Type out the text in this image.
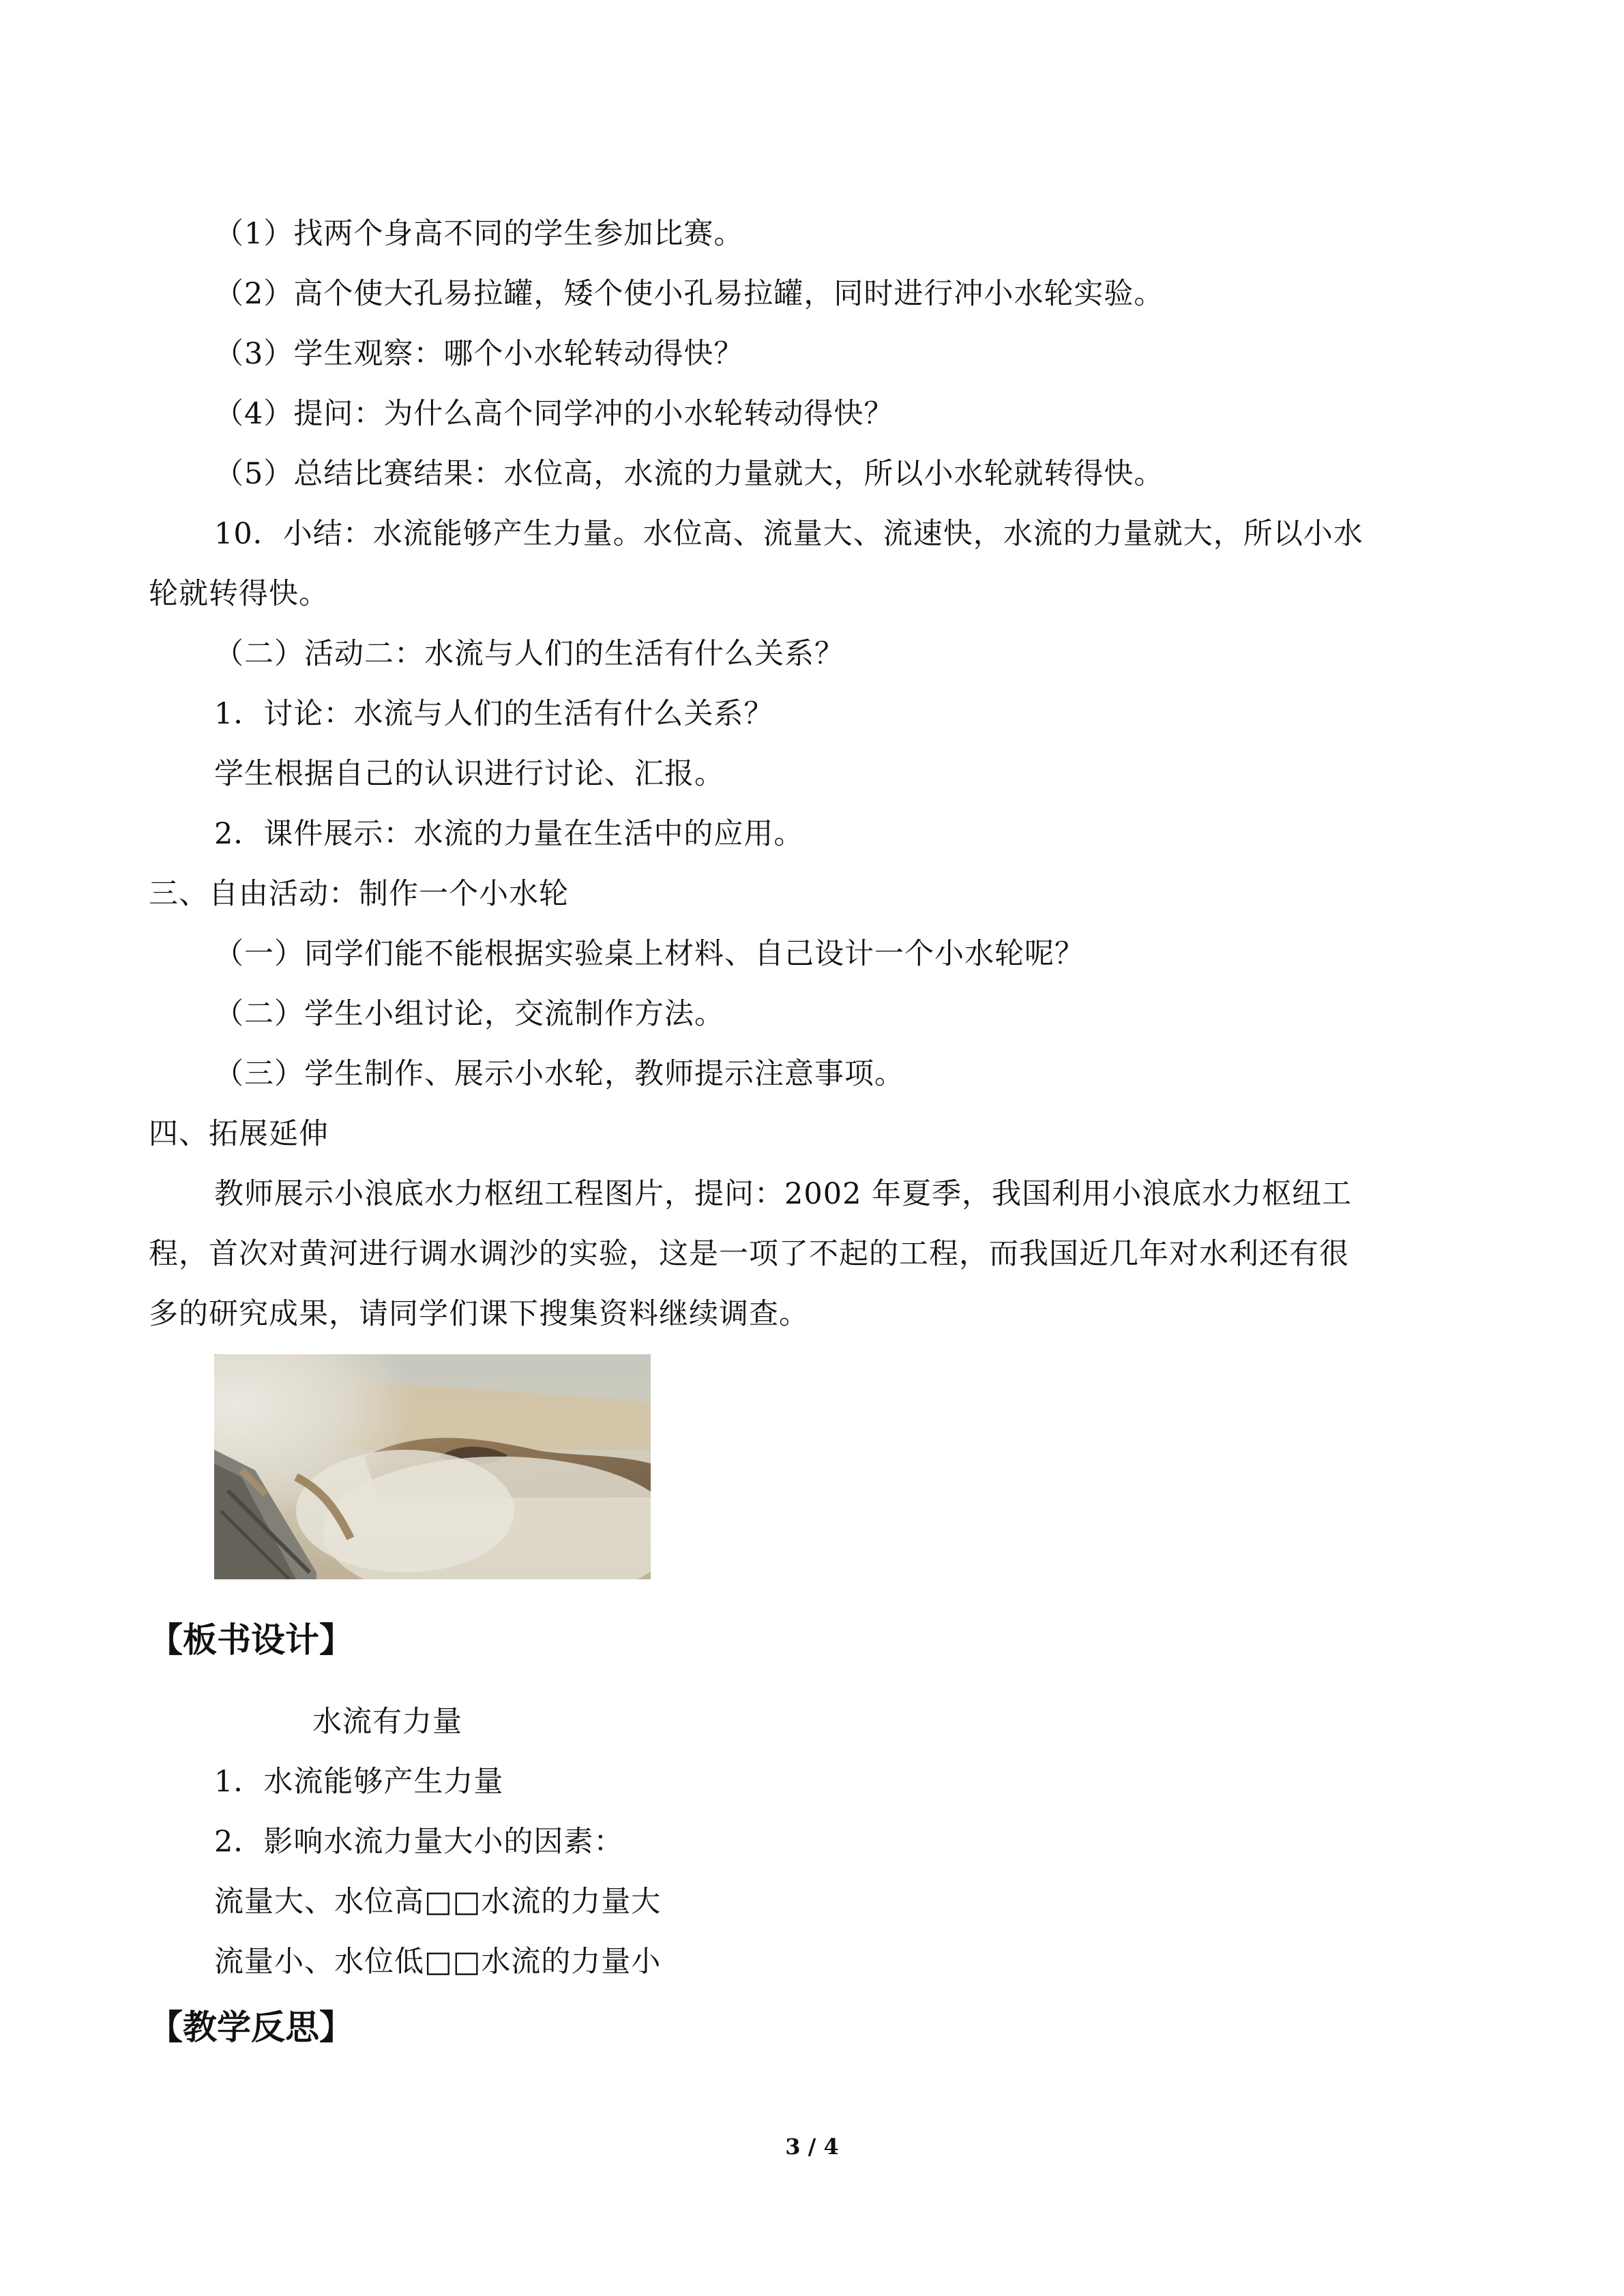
（1）找两个身高不同的学生参加比赛。
（2）高个使大孔易拉罐，矮个使小孔易拉罐，同时进行冲小水轮实验。
（3）学生观察：哪个小水轮转动得快？
（4）提问：为什么高个同学冲的小水轮转动得快？
（5）总结比赛结果：水位高，水流的力量就大，所以小水轮就转得快。
10．小结：水流能够产生力量。水位高、流量大、流速快，水流的力量就大，所以小水
轮就转得快。
（二）活动二：水流与人们的生活有什么关系？
1．讨论：水流与人们的生活有什么关系？
学生根据自己的认识进行讨论、汇报。
2．课件展示：水流的力量在生活中的应用。
三、自由活动：制作一个小水轮
（一）同学们能不能根据实验桌上材料、自己设计一个小水轮呢？
（二）学生小组讨论，交流制作方法。
（三）学生制作、展示小水轮，教师提示注意事项。
四、拓展延伸
教师展示小浪底水力枢纽工程图片，提问：2002 年夏季，我国利用小浪底水力枢纽工
程，首次对黄河进行调水调沙的实验，这是一项了不起的工程，而我国近几年对水利还有很
多的研究成果，请同学们课下搜集资料继续调查。
【板书设计】
水流有力量
1．水流能够产生力量
2．影响水流力量大小的因素：
流量大、水位高□□水流的力量大
流量小、水位低□□水流的力量小
【教学反思】
3 / 4
